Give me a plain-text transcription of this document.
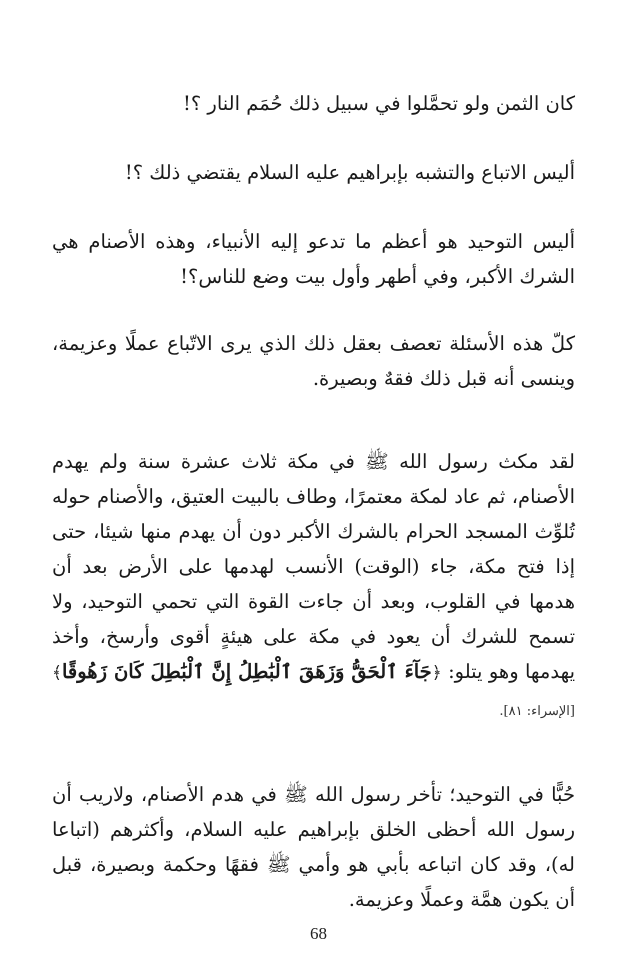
كان الثمن ولو تحمَّلوا في سبيل ذلك حُمَم النار ؟!

أليس الاتباع والتشبه بإبراهيم عليه السلام يقتضي ذلك ؟!

أليس التوحيد هو أعظم ما تدعو إليه الأنبياء، وهذه الأصنام هي الشرك الأكبر، وفي أطهر وأول بيت وضع للناس؟!

كلّ هذه الأسئلة تعصف بعقل ذلك الذي يرى الاتّباع عملًا وعزيمة، وينسى أنه قبل ذلك فقهٌ وبصيرة.

لقد مكث رسول الله ﷺ في مكة ثلاث عشرة سنة ولم يهدم الأصنام، ثم عاد لمكة معتمرًا، وطاف بالبيت العتيق، والأصنام حوله تُلوِّث المسجد الحرام بالشرك الأكبر دون أن يهدم منها شيئا، حتى إذا فتح مكة، جاء (الوقت) الأنسب لهدمها على الأرض بعد أن هدمها في القلوب، وبعد أن جاءت القوة التي تحمي التوحيد، ولا تسمح للشرك أن يعود في مكة على هيئةٍ أقوى وأرسخ، وأخذ يهدمها وهو يتلو: ﴿جَآءَ ٱلْحَقُّ وَزَهَقَ ٱلْبَٰطِلُ إِنَّ ٱلْبَٰطِلَ كَانَ زَهُوقًا﴾ [الإسراء: ٨١].

حُبًّا في التوحيد؛ تأخر رسول الله ﷺ في هدم الأصنام، ولاريب أن رسول الله أحظى الخلق بإبراهيم عليه السلام، وأكثرهم (اتباعا له)، وقد كان اتباعه بأبي هو وأمي ﷺ فقهًا وحكمة وبصيرة، قبل أن يكون همَّة وعملًا وعزيمة.

68
